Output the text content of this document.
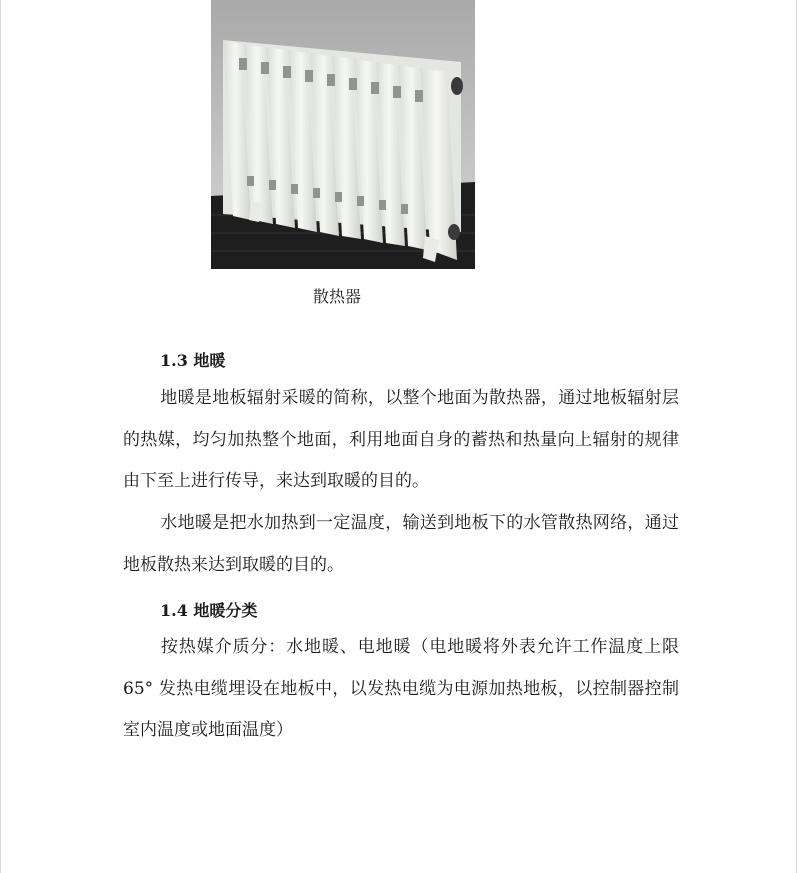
散热器
1.3 地暖

地暖是地板辐射采暖的简称，以整个地面为散热器，通过地板辐射层的热媒，均匀加热整个地面，利用地面自身的蓄热和热量向上辐射的规律由下至上进行传导，来达到取暖的目的。

水地暖是把水加热到一定温度，输送到地板下的水管散热网络，通过地板散热来达到取暖的目的。

1.4 地暖分类

按热媒介质分：水地暖、电地暖（电地暖将外表允许工作温度上限 65° 发热电缆埋设在地板中，以发热电缆为电源加热地板，以控制器控制室内温度或地面温度）
